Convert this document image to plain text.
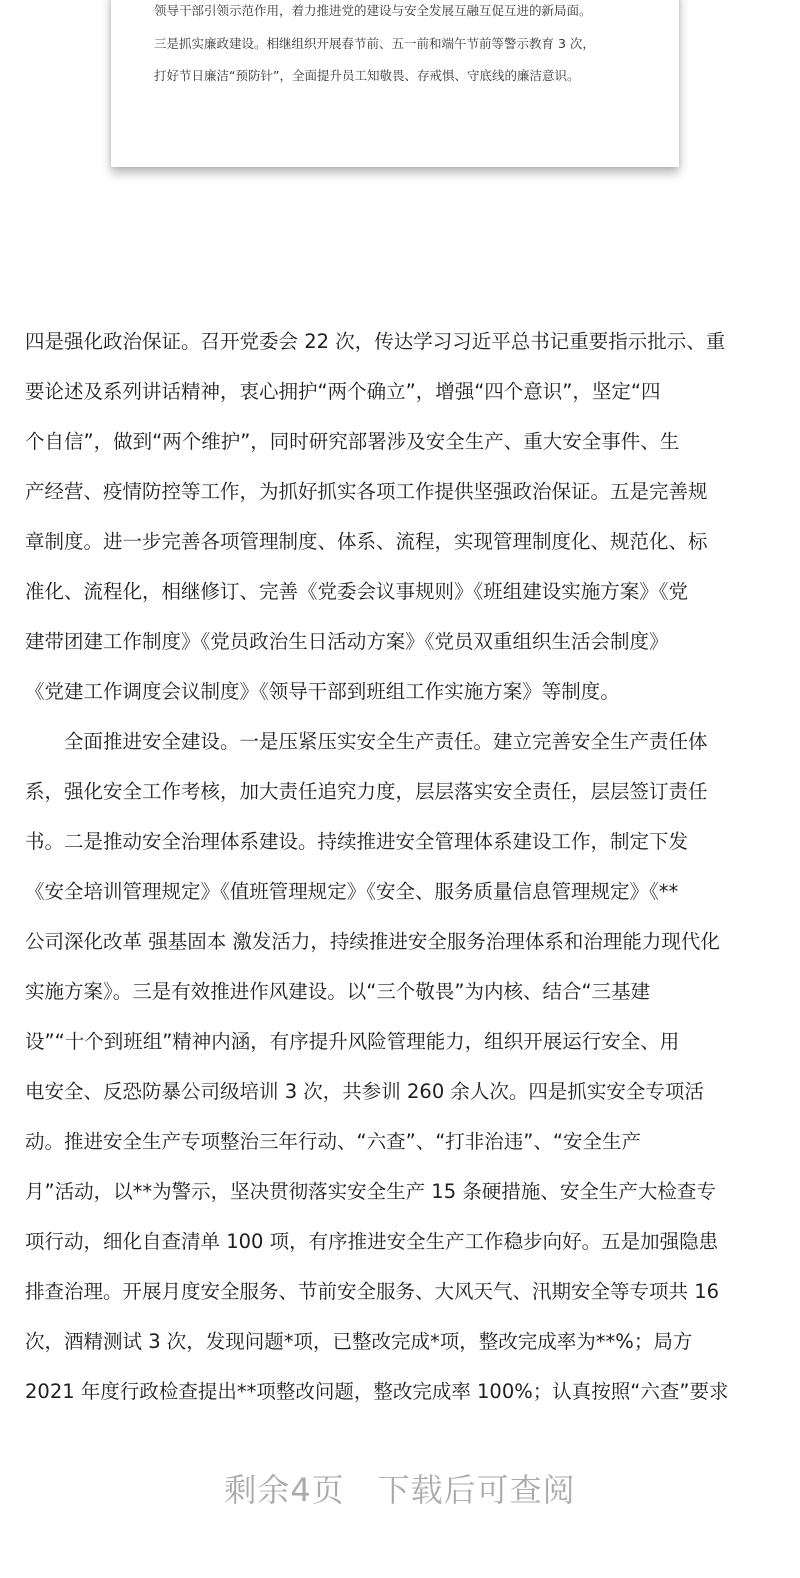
领导干部引领示范作用，着力推进党的建设与安全发展互融互促互进的新局面。
三是抓实廉政建设。相继组织开展春节前、五一前和端午节前等警示教育 3 次，
打好节日廉洁“预防针”，全面提升员工知敬畏、存戒惧、守底线的廉洁意识。
四是强化政治保证。召开党委会 22 次，传达学习习近平总书记重要指示批示、重
要论述及系列讲话精神，衷心拥护“两个确立”，增强“四个意识”，坚定“四
个自信”，做到“两个维护”，同时研究部署涉及安全生产、重大安全事件、生
产经营、疫情防控等工作，为抓好抓实各项工作提供坚强政治保证。五是完善规
章制度。进一步完善各项管理制度、体系、流程，实现管理制度化、规范化、标
准化、流程化，相继修订、完善《党委会议事规则》《班组建设实施方案》《党
建带团建工作制度》《党员政治生日活动方案》《党员双重组织生活会制度》
《党建工作调度会议制度》《领导干部到班组工作实施方案》等制度。
　　全面推进安全建设。一是压紧压实安全生产责任。建立完善安全生产责任体
系，强化安全工作考核，加大责任追究力度，层层落实安全责任，层层签订责任
书。二是推动安全治理体系建设。持续推进安全管理体系建设工作，制定下发
《安全培训管理规定》《值班管理规定》《安全、服务质量信息管理规定》《**
公司深化改革 强基固本 激发活力，持续推进安全服务治理体系和治理能力现代化
实施方案》。三是有效推进作风建设。以“三个敬畏”为内核、结合“三基建
设”“十个到班组”精神内涵，有序提升风险管理能力，组织开展运行安全、用
电安全、反恐防暴公司级培训 3 次，共参训 260 余人次。四是抓实安全专项活
动。推进安全生产专项整治三年行动、“六查”、“打非治违”、“安全生产
月”活动，以**为警示，坚决贯彻落实安全生产 15 条硬措施、安全生产大检查专
项行动，细化自查清单 100 项，有序推进安全生产工作稳步向好。五是加强隐患
排查治理。开展月度安全服务、节前安全服务、大风天气、汛期安全等专项共 16
次，酒精测试 3 次，发现问题*项，已整改完成*项，整改完成率为**%；局方
2021 年度行政检查提出**项整改问题，整改完成率 100%；认真按照“六查”要求
剩余4页　下载后可查阅
